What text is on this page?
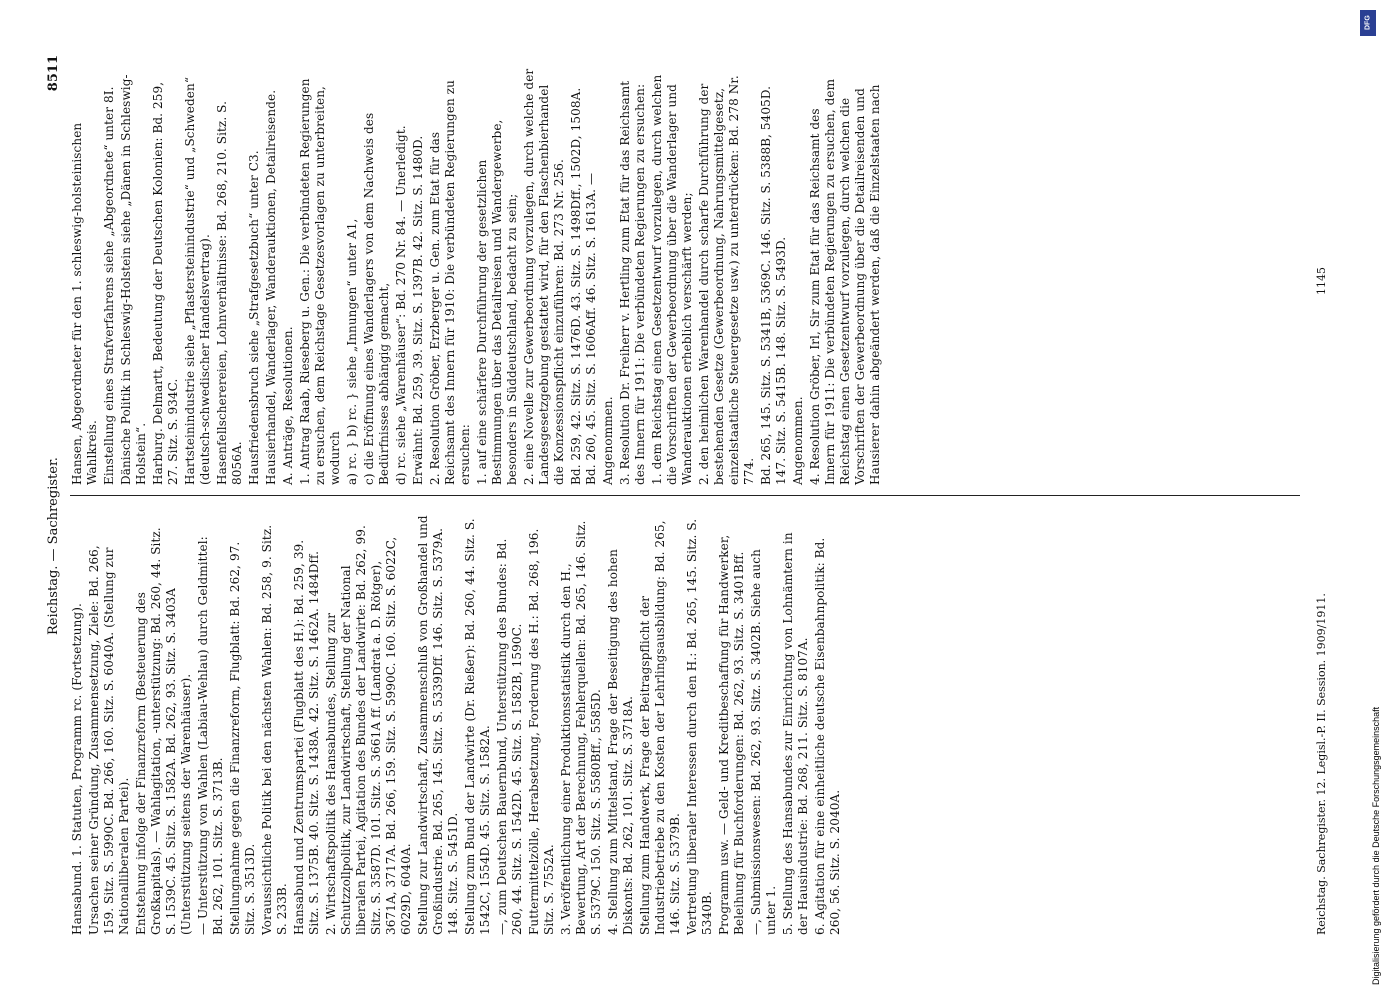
Reichstag. — Sachregister.
8511

Hansabund. 1. Statuten, Programm rc. (Fortsetzung). Ursachen seiner Gründung, Zusammensetzung, Ziele: Bd. 266, 159. Sitz. S. 5990C. Bd. 266, 160. Sitz. S. 6040A. (Stellung zur Nationalliberalen Partei). Entstehung infolge der Finanzreform (Besteuerung des Großkapitals). — Wahlagitation, -unterstützung: Bd. 260, 44. Sitz. S. 1539C. 45. Sitz. S. 1582A. Bd. 262, 93. Sitz. S. 3403A (Unterstützung seitens der Warenhäuser). — Unterstützung von Wahlen (Labiau-Wehlau) durch Geldmittel: Bd. 262, 101. Sitz. S. 3713B. Stellungnahme gegen die Finanzreform, Flugblatt: Bd. 262, 97. Sitz. S. 3513D. Voraussichtliche Politik bei den nächsten Wahlen: Bd. 258, 9. Sitz. S. 233B. Hansabund und Zentrumspartei (Flugblatt des H.): Bd. 259, 39. Sitz. S. 1375B. 40. Sitz. S. 1438A. 42. Sitz. S. 1462A. 1484Dff. 2. Wirtschaftspolitik des Hansabundes, Stellung zur Schutzzollpolitik, zur Landwirtschaft, Stellung der National liberalen Partei, Agitation des Bundes der Landwirte: Bd. 262, 99. Sitz. S. 3587D. 101. Sitz. S. 3661A ff. (Landrat a. D. Rötger), 3671A, 3717A. Bd. 266, 159. Sitz. S. 5990C. 160. Sitz. S. 6022C, 6029D, 6040A. Stellung zur Landwirtschaft, Zusammenschluß von Großhandel und Großindustrie. Bd. 265, 145. Sitz. S. 5339Dff. 146. Sitz. S. 5379A. 148. Sitz. S. 5451D. Stellung zum Bund der Landwirte (Dr. Rießer): Bd. 260, 44. Sitz. S. 1542C, 1554D. 45. Sitz. S. 1582A. —, zum Deutschen Bauernbund, Unterstützung des Bundes: Bd. 260, 44. Sitz. S. 1542D. 45. Sitz. S. 1582B, 1590C. Futtermittelzölle, Herabsetzung, Forderung des H.: Bd. 268, 196. Sitz. S. 7552A. 3. Veröffentlichung einer Produktionsstatistik durch den H., Bewertung, Art der Berechnung, Fehlerquellen: Bd. 265, 146. Sitz. S. 5379C. 150. Sitz. S. 5580Bff., 5585D. 4. Stellung zum Mittelstand, Frage der Beseitigung des hohen Diskonts: Bd. 262, 101. Sitz. S. 3718A. Stellung zum Handwerk, Frage der Beitragspflicht der Industriebetriebe zu den Kosten der Lehrlingsausbildung: Bd. 265, 146. Sitz. S. 5379B. Vertretung liberaler Interessen durch den H.: Bd. 265, 145. Sitz. S. 5340B. Programm usw. — Geld- und Kreditbeschaffung für Handwerker, Beleihung für Buchforderungen: Bd. 262, 93. Sitz. S. 3401Bff. —, Submissionswesen: Bd. 262, 93. Sitz. S. 3402B. Siehe auch unter 1. 5. Stellung des Hansabundes zur Einrichtung von Lohnämtern in der Hausindustrie: Bd. 268, 211. Sitz. S. 8107A. 6. Agitation für eine einheitliche deutsche Eisenbahnpolitik: Bd. 260, 56. Sitz. S. 2040A.

Hansen, Abgeordneter für den 1. schleswig-holsteinischen Wahlkreis. Einstellung eines Strafverfahrens siehe „Abgeordnete“ unter 8I. Dänische Politik in Schleswig-Holstein siehe „Dänen in Schleswig-Holstein“. Harburg. Delmartt, Bedeutung der Deutschen Kolonien: Bd. 259, 27. Sitz. S. 934C. Hartsteinindustrie siehe „Pflastersteinindustrie“ und „Schweden“ (deutsch-schwedischer Handelsvertrag). Hasenfellscherereien, Lohnverhältnisse: Bd. 268, 210. Sitz. S. 8056A. Hausfriedensbruch siehe „Strafgesetzbuch“ unter C3. Hausierhandel, Wanderlager, Wanderauktionen, Detailreisende. A. Anträge, Resolutionen. 1. Antrag Raab, Rieseberg u. Gen.: Die verbündeten Regierungen zu ersuchen, dem Reichstage Gesetzesvorlagen zu unterbreiten, wodurch a) rc. } b) rc. } siehe „Innungen“ unter A1, c) die Eröffnung eines Wanderlagers von dem Nachweis des Bedürfnisses abhängig gemacht, d) rc. siehe „Warenhäuser“: Bd. 270 Nr. 84. — Unerledigt. Erwähnt: Bd. 259, 39. Sitz. S. 1397B. 42. Sitz. S. 1480D. 2. Resolution Gröber, Erzberger u. Gen. zum Etat für das Reichsamt des Innern für 1910: Die verbündeten Regierungen zu ersuchen: 1. auf eine schärfere Durchführung der gesetzlichen Bestimmungen über das Detailreisen und Wandergewerbe, besonders in Süddeutschland, bedacht zu sein; 2. eine Novelle zur Gewerbeordnung vorzulegen, durch welche der Landesgesetzgebung gestattet wird, für den Flaschenbierhandel die Konzessionspflicht einzuführen: Bd. 273 Nr. 256. Bd. 259, 42. Sitz. S. 1476D. 43. Sitz. S. 1498Dff., 1502D, 1508A. Bd. 260, 45. Sitz. S. 1606Aff. 46. Sitz. S. 1613A. — Angenommen. 3. Resolution Dr. Freiherr v. Hertling zum Etat für das Reichsamt des Innern für 1911: Die verbündeten Regierungen zu ersuchen: 1. dem Reichstag einen Gesetzentwurf vorzulegen, durch welchen die Vorschriften der Gewerbeordnung über die Wanderlager und Wanderauktionen erheblich verschärft werden; 2. den heimlichen Warenhandel durch scharfe Durchführung der bestehenden Gesetze (Gewerbeordnung, Nahrungsmittelgesetz, einzelstaatliche Steuergesetze usw.) zu unterdrücken: Bd. 278 Nr. 774. Bd. 265, 145. Sitz. S. 5341B, 5369C. 146. Sitz. S. 5388B, 5405D. 147. Sitz. S. 5415B. 148. Sitz. S. 5493D. Angenommen. 4. Resolution Gröber, Irl, Sir zum Etat für das Reichsamt des Innern für 1911: Die verbündeten Regierungen zu ersuchen, dem Reichstag einen Gesetzentwurf vorzulegen, durch welchen die Vorschriften der Gewerbeordnung über die Detailreisenden und Hausierer dahin abgeändert werden, daß die Einzelstaaten nach

Reichstag. Sachregister. 12. Legisl.-P. II. Session. 1909/1911.
1145
DFG
Digitalisierung gefördert durch die Deutsche Forschungsgemeinschaft
